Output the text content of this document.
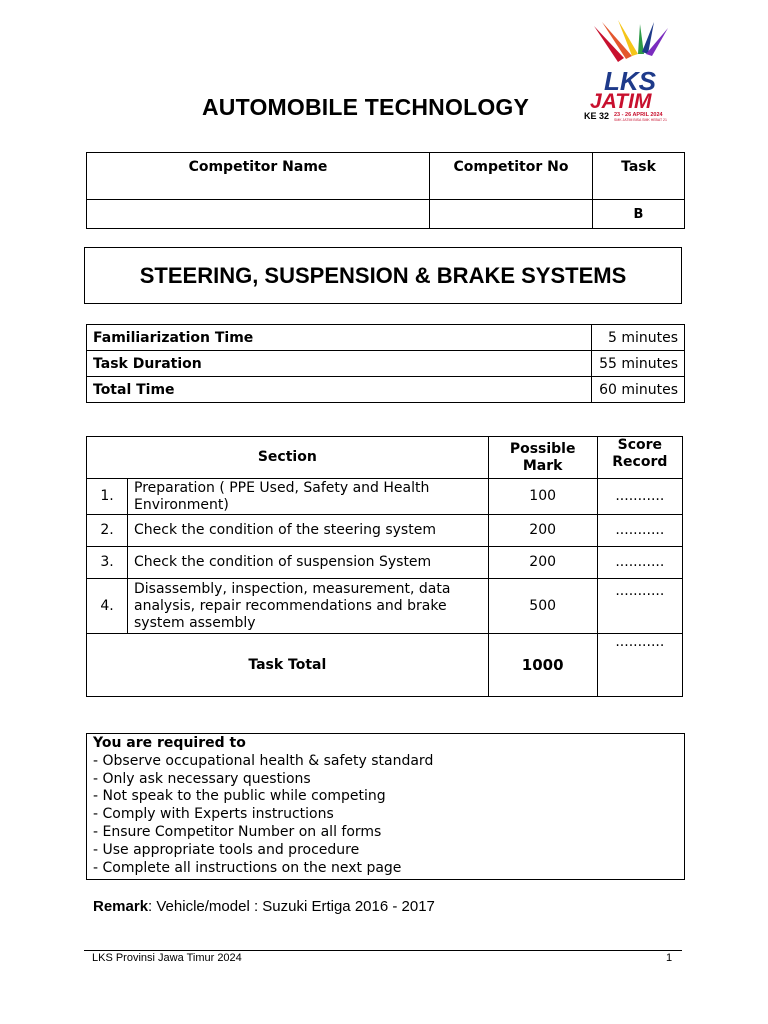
AUTOMOBILE TECHNOLOGY
LKS
JATIM
KE 32 23 - 26 APRIL 2024
SMK JATIM BISA SMK HEBAT 21
Competitor Name	Competitor No	Task
		B
STEERING, SUSPENSION & BRAKE SYSTEMS
Familiarization Time	5 minutes
Task Duration	55 minutes
Total Time	60 minutes
Section		Possible Mark	Score Record
1.	Preparation ( PPE Used, Safety and Health Environment)	100	...........
2.	Check the condition of the steering system	200	...........
3.	Check the condition of suspension System	200	...........
4.	Disassembly, inspection, measurement, data analysis, repair recommendations and brake system assembly	500	...........
Task Total		1000	...........
You are required to
- Observe occupational health & safety standard
- Only ask necessary questions
- Not speak to the public while competing
- Comply with Experts instructions
- Ensure Competitor Number on all forms
- Use appropriate tools and procedure
- Complete all instructions on the next page
Remark: Vehicle/model : Suzuki Ertiga 2016 - 2017
LKS Provinsi Jawa Timur 2024	1
